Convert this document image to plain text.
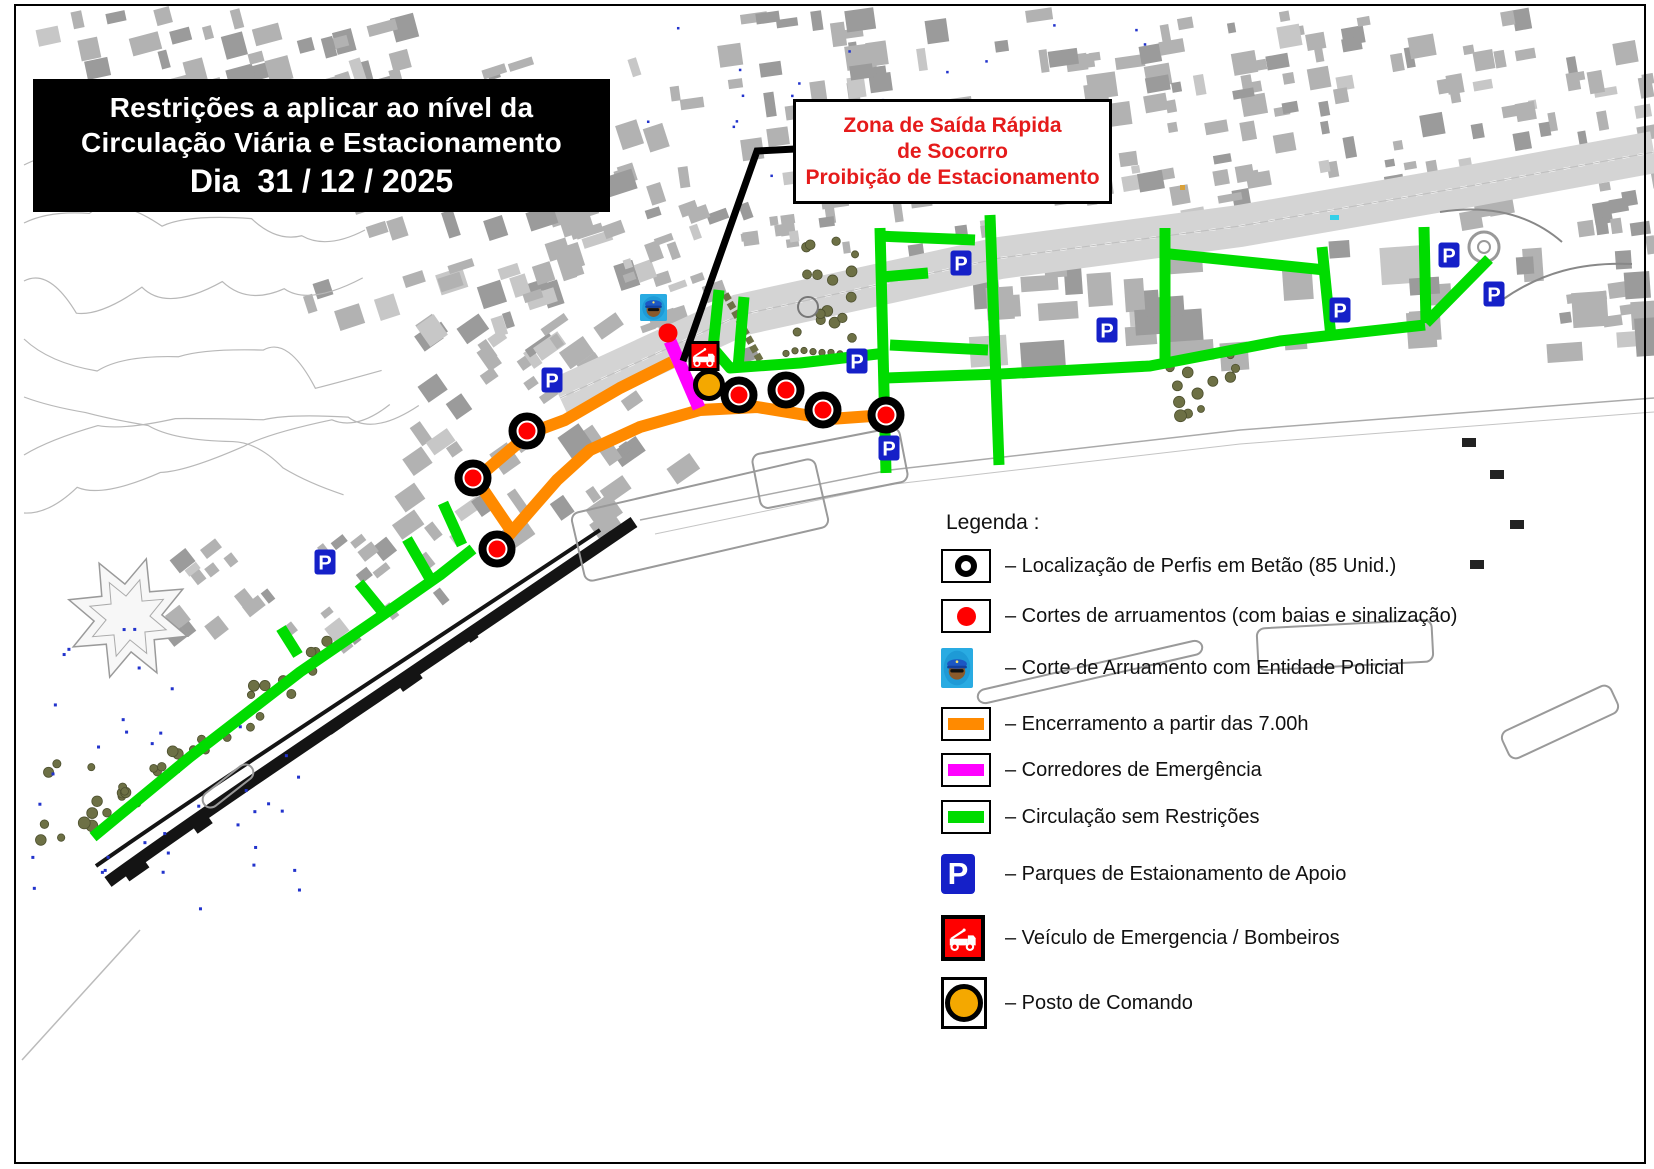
P
P
P
P
P
P
P
P
P
Restrições a aplicar ao nível da
Circulação Viária e Estacionamento
Dia  31 / 12 / 2025
Zona de Saída Rápida
de Socorro
Proibição de Estacionamento
Legenda :
– Localização de Perfis em Betão (85 Unid.)
– Cortes de arruamentos (com baias e sinalização)
– Corte de Arruamento com Entidade Policial
– Encerramento a partir das 7.00h
– Corredores de Emergência
– Circulação sem Restrições
P	– Parques de Estaionamento de Apoio
– Veículo de Emergencia / Bombeiros
– Posto de Comando
